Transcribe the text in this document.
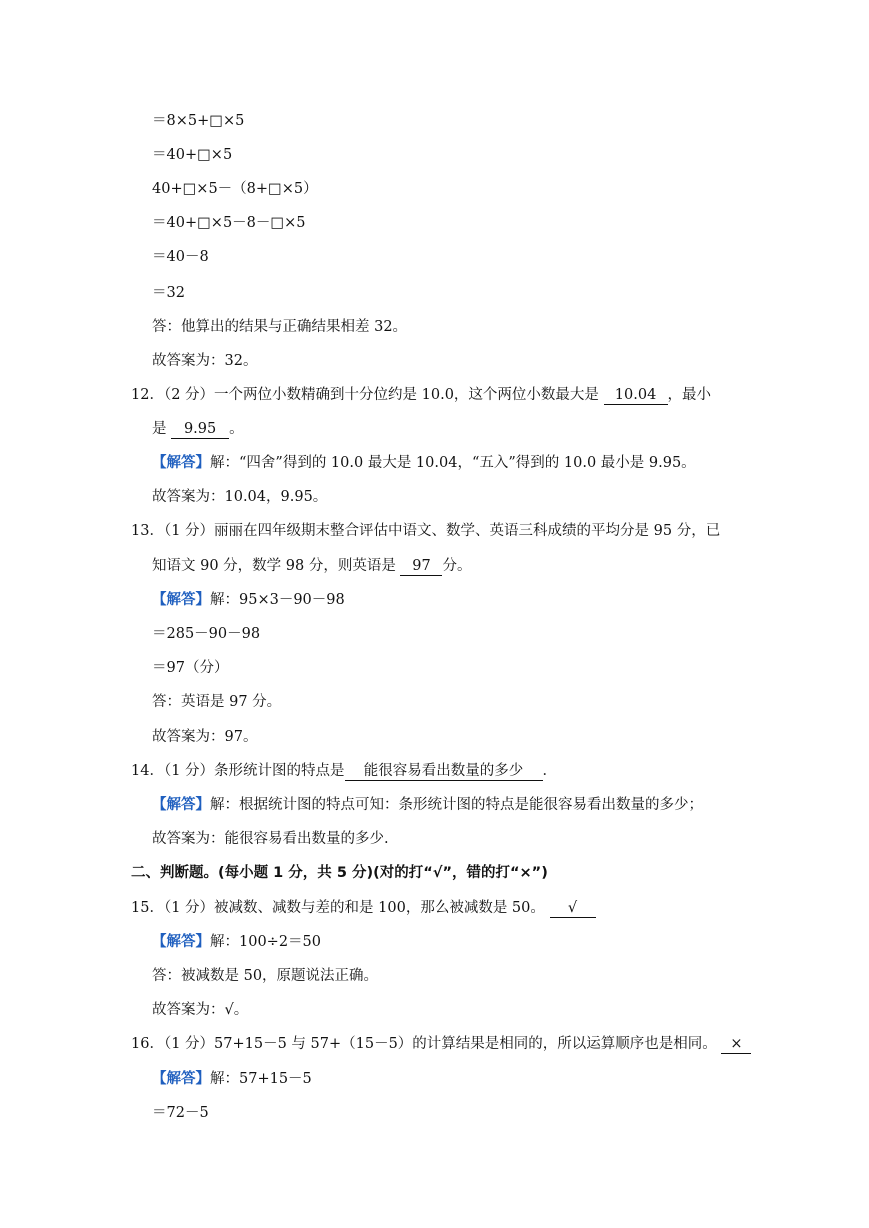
＝8×5+□×5
＝40+□×5
40+□×5－（8+□×5）
＝40+□×5－8－□×5
＝40－8
＝32
答：他算出的结果与正确结果相差 32。
故答案为：32。
12．（2 分）一个两位小数精确到十分位约是 10.0，这个两位小数最大是 10.04 ，最小
是 9.95 。
【解答】解：“四舍”得到的 10.0 最大是 10.04，“五入”得到的 10.0 最小是 9.95。
故答案为：10.04，9.95。
13．（1 分）丽丽在四年级期末整合评估中语文、数学、英语三科成绩的平均分是 95 分，已
知语文 90 分，数学 98 分，则英语是 97 分。
【解答】解：95×3－90－98
＝285－90－98
＝97（分）
答：英语是 97 分。
故答案为：97。
14．（1 分）条形统计图的特点是 能很容易看出数量的多少 ．
【解答】解：根据统计图的特点可知：条形统计图的特点是能很容易看出数量的多少；
故答案为：能很容易看出数量的多少.
二、判断题。(每小题 1 分，共 5 分)(对的打“√”，错的打“×”)
15．（1 分）被减数、减数与差的和是 100，那么被减数是 50。 √
【解答】解：100÷2＝50
答：被减数是 50，原题说法正确。
故答案为：√。
16．（1 分）57+15－5 与 57+（15－5）的计算结果是相同的，所以运算顺序也是相同。 ×
【解答】解：57+15－5
＝72－5
